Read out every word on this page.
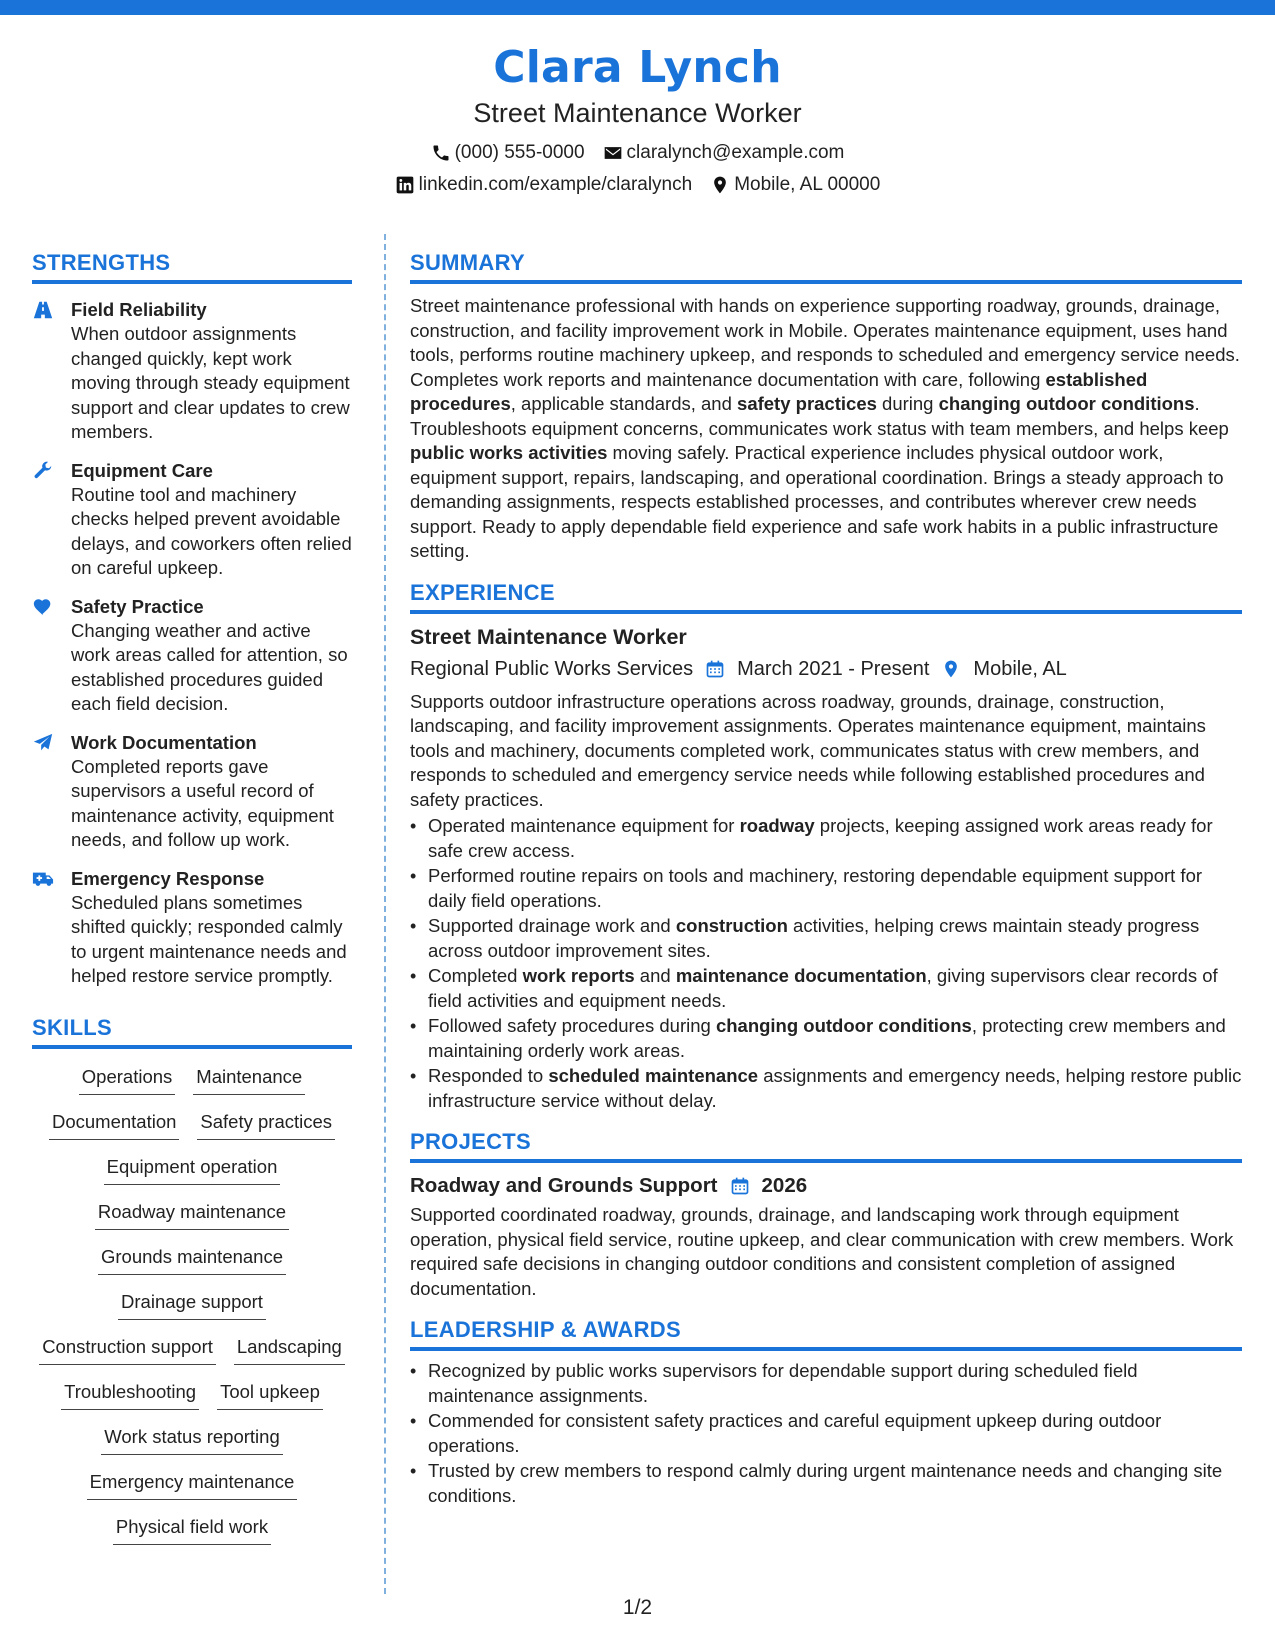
Clara Lynch
Street Maintenance Worker
(000) 555-0000 claralynch@example.com
linkedin.com/example/claralynch Mobile, AL 00000
STRENGTHS
Field Reliability
When outdoor assignments changed quickly, kept work moving through steady equipment support and clear updates to crew members.
Equipment Care
Routine tool and machinery checks helped prevent avoidable delays, and coworkers often relied on careful upkeep.
Safety Practice
Changing weather and active work areas called for attention, so established procedures guided each field decision.
Work Documentation
Completed reports gave supervisors a useful record of maintenance activity, equipment needs, and follow up work.
Emergency Response
Scheduled plans sometimes shifted quickly; responded calmly to urgent maintenance needs and helped restore service promptly.
SKILLS
Operations Maintenance
Documentation Safety practices
Equipment operation
Roadway maintenance
Grounds maintenance
Drainage support
Construction support Landscaping
Troubleshooting Tool upkeep
Work status reporting
Emergency maintenance
Physical field work
SUMMARY
Street maintenance professional with hands on experience supporting roadway, grounds, drainage, construction, and facility improvement work in Mobile. Operates maintenance equipment, uses hand tools, performs routine machinery upkeep, and responds to scheduled and emergency service needs. Completes work reports and maintenance documentation with care, following established procedures, applicable standards, and safety practices during changing outdoor conditions. Troubleshoots equipment concerns, communicates work status with team members, and helps keep public works activities moving safely. Practical experience includes physical outdoor work, equipment support, repairs, landscaping, and operational coordination. Brings a steady approach to demanding assignments, respects established processes, and contributes wherever crew needs support. Ready to apply dependable field experience and safe work habits in a public infrastructure setting.
EXPERIENCE
Street Maintenance Worker
Regional Public Works Services March 2021 - Present Mobile, AL
Supports outdoor infrastructure operations across roadway, grounds, drainage, construction, landscaping, and facility improvement assignments. Operates maintenance equipment, maintains tools and machinery, documents completed work, communicates status with crew members, and responds to scheduled and emergency service needs while following established procedures and safety practices.
• Operated maintenance equipment for roadway projects, keeping assigned work areas ready for safe crew access.
• Performed routine repairs on tools and machinery, restoring dependable equipment support for daily field operations.
• Supported drainage work and construction activities, helping crews maintain steady progress across outdoor improvement sites.
• Completed work reports and maintenance documentation, giving supervisors clear records of field activities and equipment needs.
• Followed safety procedures during changing outdoor conditions, protecting crew members and maintaining orderly work areas.
• Responded to scheduled maintenance assignments and emergency needs, helping restore public infrastructure service without delay.
PROJECTS
Roadway and Grounds Support 2026
Supported coordinated roadway, grounds, drainage, and landscaping work through equipment operation, physical field service, routine upkeep, and clear communication with crew members. Work required safe decisions in changing outdoor conditions and consistent completion of assigned documentation.
LEADERSHIP & AWARDS
• Recognized by public works supervisors for dependable support during scheduled field maintenance assignments.
• Commended for consistent safety practices and careful equipment upkeep during outdoor operations.
• Trusted by crew members to respond calmly during urgent maintenance needs and changing site conditions.
1/2
